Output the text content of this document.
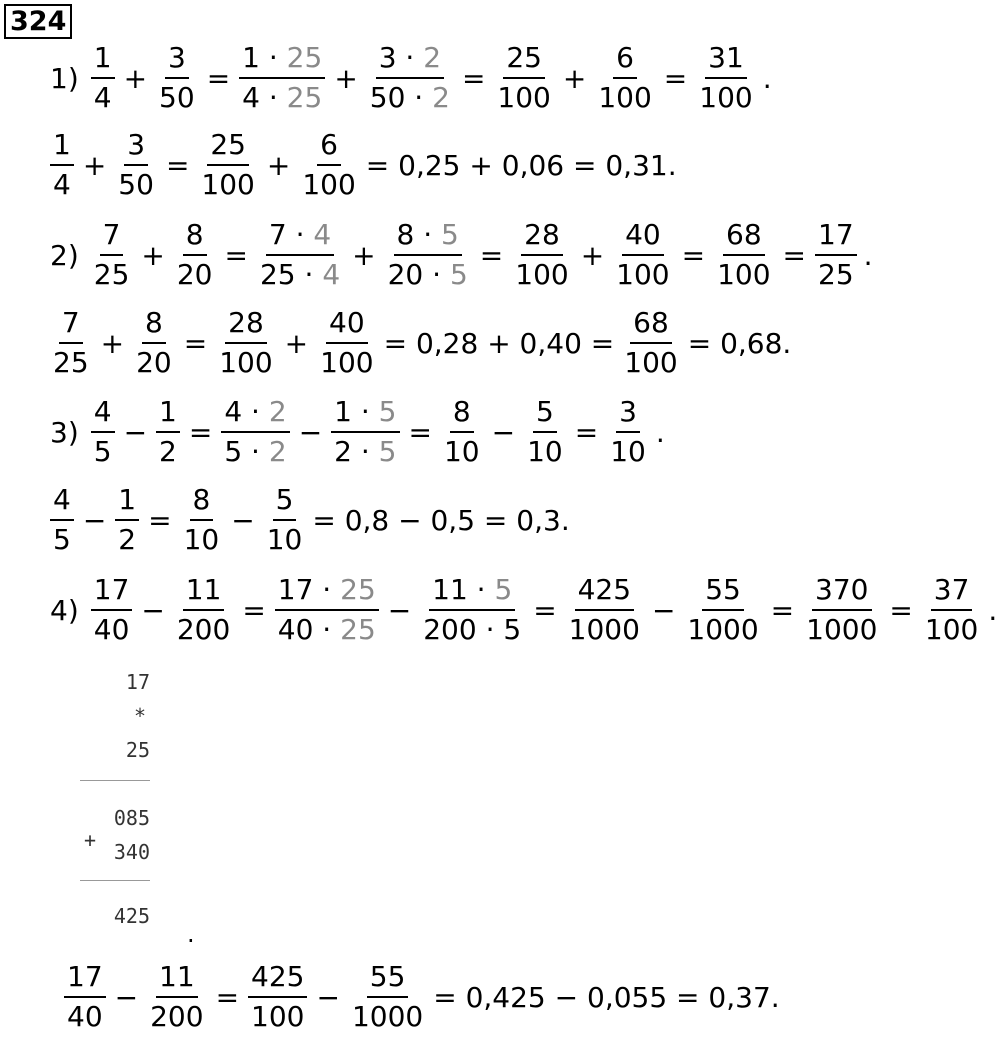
324
$1) \frac{1}{4} + \frac{3}{50} = \frac{1 \cdot 25}{4 \cdot 25} + \frac{3 \cdot 2}{50 \cdot 2} = \frac{25}{100} + \frac{6}{100} = \frac{31}{100}$ .
$\frac{1}{4} + \frac{3}{50} = \frac{25}{100} + \frac{6}{100} = 0,25 + 0,06 = 0,31$.
$2) \frac{7}{25} + \frac{8}{20} = \frac{7 \cdot 4}{25 \cdot 4} + \frac{8 \cdot 5}{20 \cdot 5} = \frac{28}{100} + \frac{40}{100} = \frac{68}{100} = \frac{17}{25}$ .
$\frac{7}{25} + \frac{8}{20} = \frac{28}{100} + \frac{40}{100} = 0,28 + 0,40 = \frac{68}{100} = 0,68$.
$3) \frac{4}{5} - \frac{1}{2} = \frac{4 \cdot 2}{5 \cdot 2} - \frac{1 \cdot 5}{2 \cdot 5} = \frac{8}{10} - \frac{5}{10} = \frac{3}{10}$ .
$\frac{4}{5} - \frac{1}{2} = \frac{8}{10} - \frac{5}{10} = 0,8 - 0,5 = 0,3$.
$4) \frac{17}{40} - \frac{11}{200} = \frac{17 \cdot 25}{40 \cdot 25} - \frac{11 \cdot 5}{200 \cdot 5} = \frac{425}{1000} - \frac{55}{1000} = \frac{370}{1000} = \frac{37}{100}$ .
$\frac{17}{40} - \frac{11}{200} = \frac{425}{100} - \frac{55}{1000} = 0,425 - 0,055 = 0,37$.
17
*
25
085
+ 340
425
.
